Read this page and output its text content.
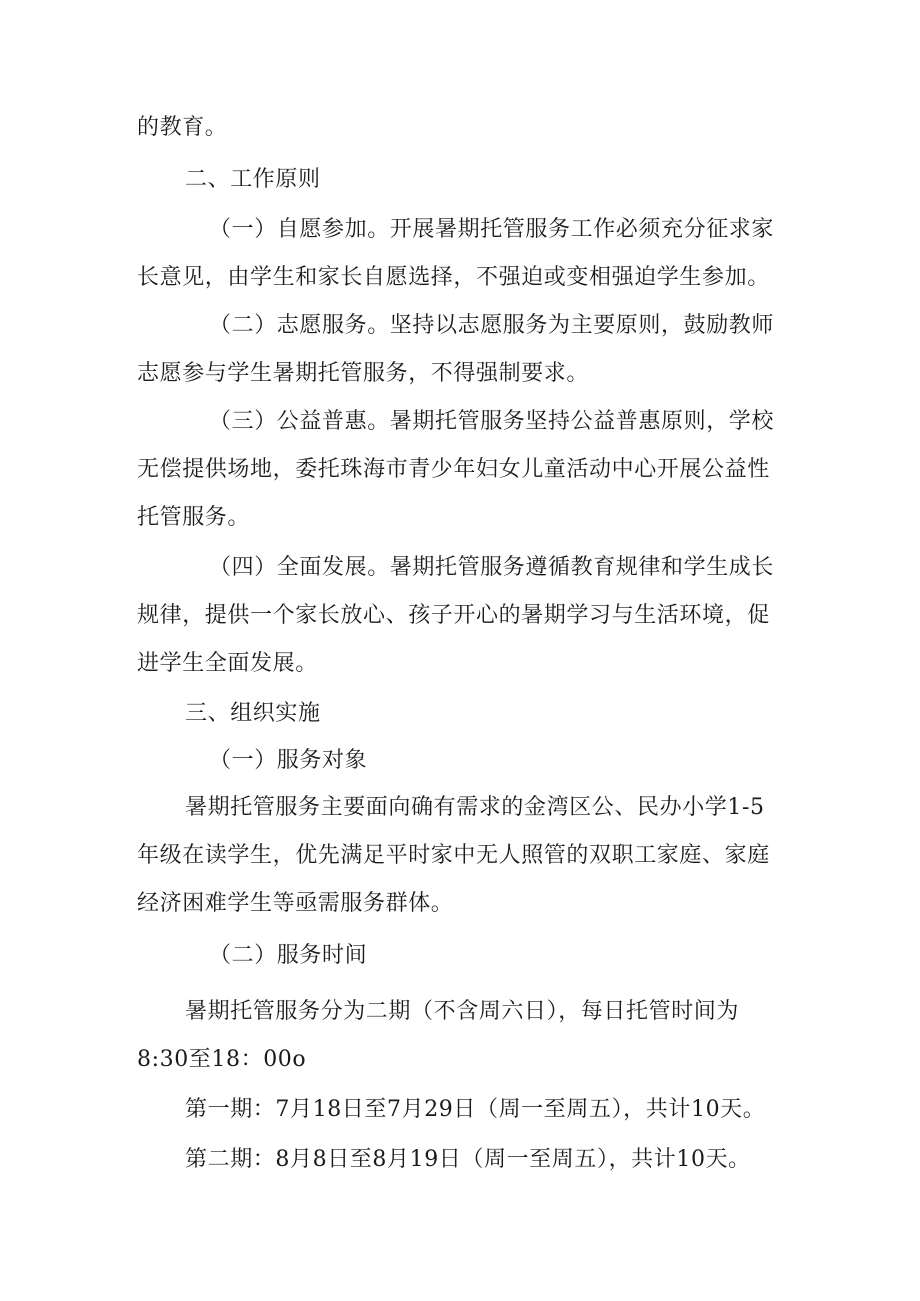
的教育。

二、工作原则

（一）自愿参加。开展暑期托管服务工作必须充分征求家长意见，由学生和家长自愿选择，不强迫或变相强迫学生参加。

（二）志愿服务。坚持以志愿服务为主要原则，鼓励教师志愿参与学生暑期托管服务，不得强制要求。

（三）公益普惠。暑期托管服务坚持公益普惠原则，学校无偿提供场地，委托珠海市青少年妇女儿童活动中心开展公益性托管服务。

（四）全面发展。暑期托管服务遵循教育规律和学生成长规律，提供一个家长放心、孩子开心的暑期学习与生活环境，促进学生全面发展。

三、组织实施

（一）服务对象

暑期托管服务主要面向确有需求的金湾区公、民办小学1-5年级在读学生，优先满足平时家中无人照管的双职工家庭、家庭经济困难学生等亟需服务群体。

（二）服务时间

暑期托管服务分为二期（不含周六日），每日托管时间为8:30至18：00o

第一期：7月18日至7月29日（周一至周五），共计10天。

第二期：8月8日至8月19日（周一至周五），共计10天。
